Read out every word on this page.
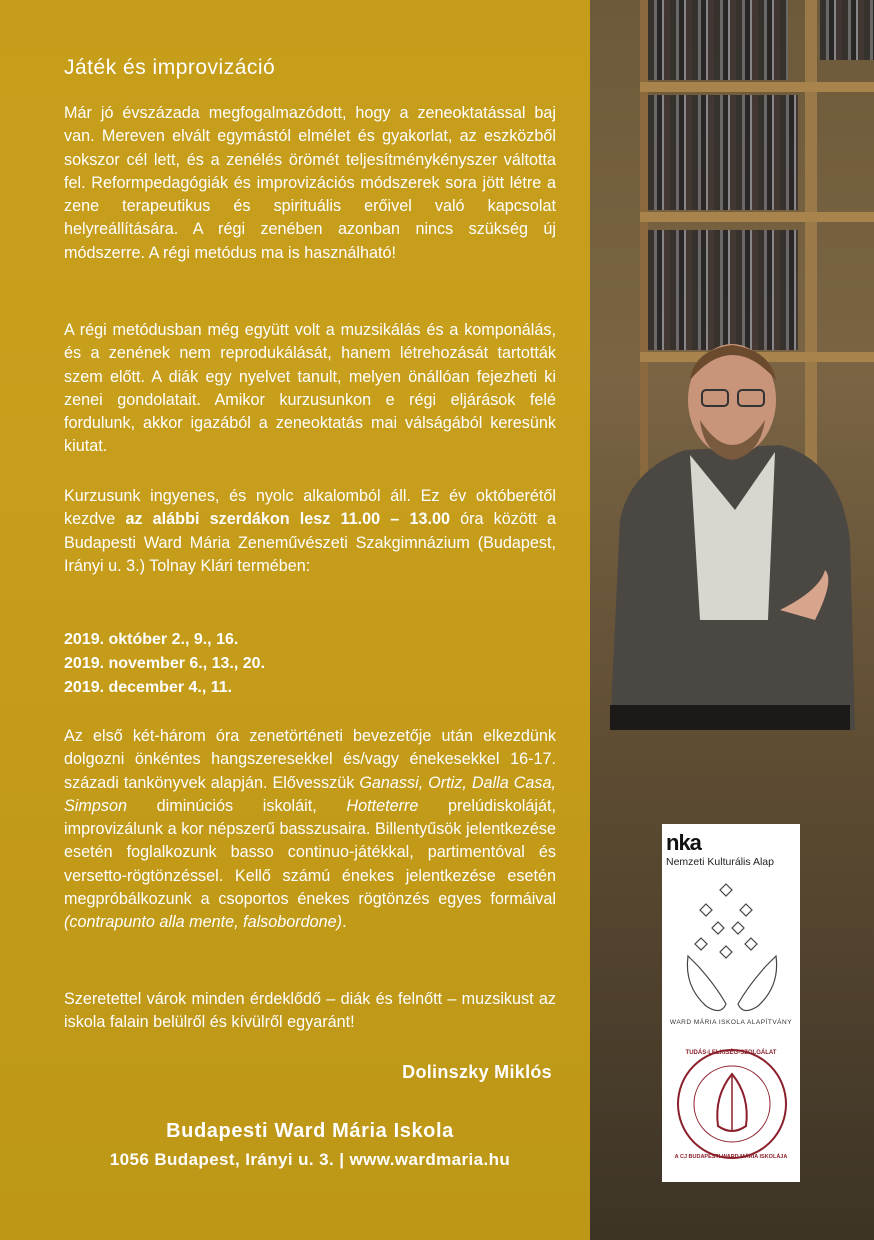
Játék és improvizáció
Már jó évszázada megfogalmazódott, hogy a zeneoktatással baj van. Mereven elvált egymástól elmélet és gyakorlat, az eszközből sokszor cél lett, és a zenélés örömét teljesítménykényszer váltotta fel. Reformpedagógiák és improvizációs módszerek sora jött létre a zene terapeutikus és spirituális erőivel való kapcsolat helyreállítására. A régi zenében azonban nincs szükség új módszerre. A régi metódus ma is használható!
A régi metódusban még együtt volt a muzsikálás és a komponálás, és a zenének nem reprodukálását, hanem létrehozását tartották szem előtt. A diák egy nyelvet tanult, melyen önállóan fejezheti ki zenei gondolatait. Amikor kurzusunkon e régi eljárások felé fordulunk, akkor igazából a zeneoktatás mai válságából keresünk kiutat.
Kurzusunk ingyenes, és nyolc alkalomból áll. Ez év októberétől kezdve az alábbi szerdákon lesz 11.00 – 13.00 óra között a Budapesti Ward Mária Zeneművészeti Szakgimnázium (Budapest, Irányi u. 3.) Tolnay Klári termében:
2019. október 2., 9., 16.
2019. november 6., 13., 20.
2019. december 4., 11.
Az első két-három óra zenetörténeti bevezetője után elkezdünk dolgozni önkéntes hangszeresekkel és/vagy énekesekkel 16-17. századi tankönyvek alapján. Elővesszük Ganassi, Ortiz, Dalla Casa, Simpson diminúciós iskoláit, Hotteterre prelúdiskoláját, improvizálunk a kor népszerű basszusaira. Billentyűsök jelentkezése esetén foglalkozunk basso continuo-játékkal, partimentóval és versetto-rögtönzéssel. Kellő számú énekes jelentkezése esetén megpróbálkozunk a csoportos énekes rögtönzés egyes formáival (contrapunto alla mente, falsobordone).
Szeretettel várok minden érdeklődő – diák és felnőtt – muzsikust az iskola falain belülről és kívülről egyaránt!
Dolinszky Miklós
Budapesti Ward Mária Iskola
1056 Budapest, Irányi u. 3. | www.wardmaria.hu
nka
Nemzeti Kulturális Alap
WARD MÁRIA ISKOLA ALAPÍTVÁNY
TUDÁS-LELKISÉG-SZOLGÁLAT
A CJ BUDAPESTI WARD MÁRIA ISKOLÁJA
